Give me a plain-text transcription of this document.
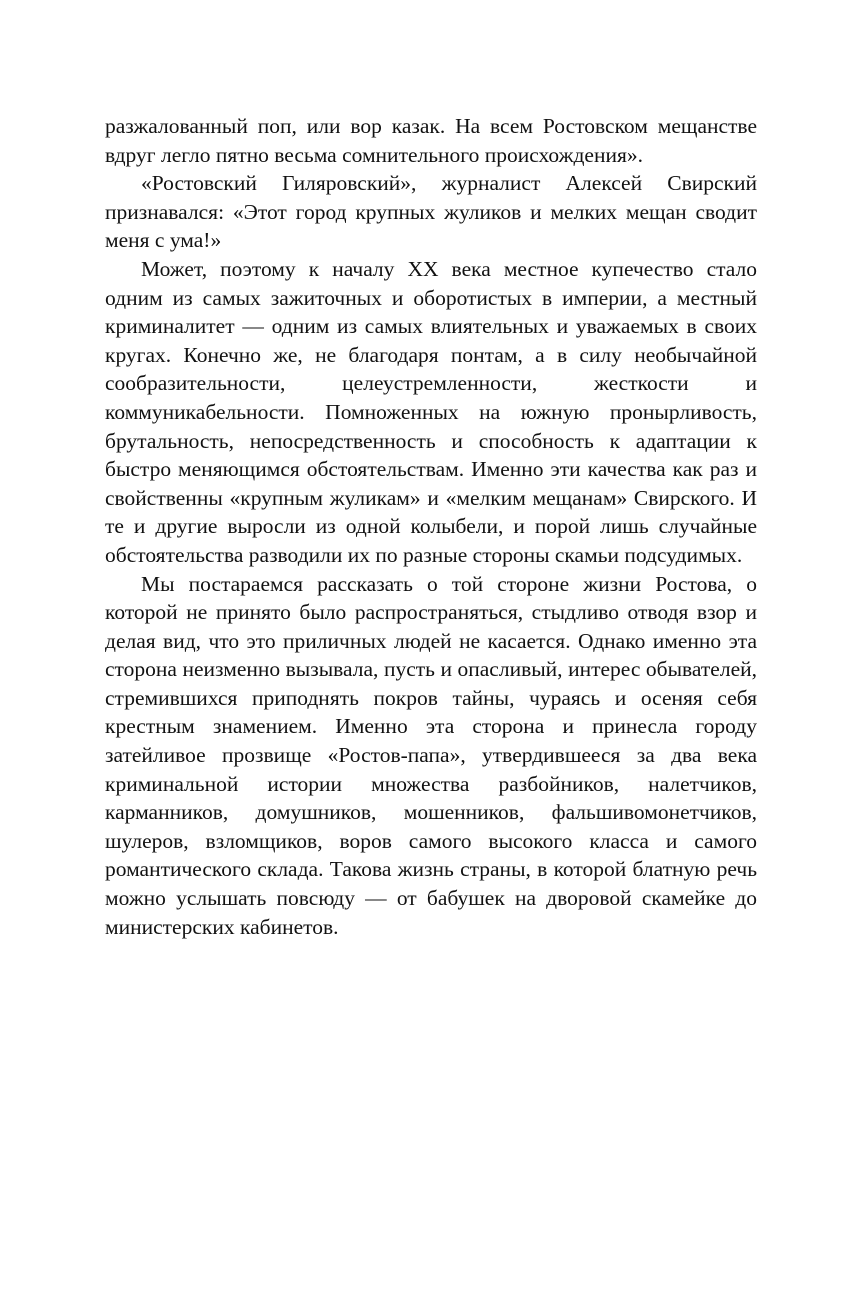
разжалованный поп, или вор казак. На всем Ростовском мещанстве вдруг легло пятно весьма сомнительного происхождения».

«Ростовский Гиляровский», журналист Алексей Свирский признавался: «Этот город крупных жуликов и мелких мещан сводит меня с ума!»

Может, поэтому к началу XX века местное купечество стало одним из самых зажиточных и оборотистых в империи, а местный криминалитет — одним из самых влиятельных и уважаемых в своих кругах. Конечно же, не благодаря понтам, а в силу необычайной сообразительности, целеустремленности, жесткости и коммуникабельности. Помноженных на южную пронырливость, брутальность, непосредственность и способность к адаптации к быстро меняющимся обстоятельствам. Именно эти качества как раз и свойственны «крупным жуликам» и «мелким мещанам» Свирского. И те и другие выросли из одной колыбели, и порой лишь случайные обстоятельства разводили их по разные стороны скамьи подсудимых.

Мы постараемся рассказать о той стороне жизни Ростова, о которой не принято было распространяться, стыдливо отводя взор и делая вид, что это приличных людей не касается. Однако именно эта сторона неизменно вызывала, пусть и опасливый, интерес обывателей, стремившихся приподнять покров тайны, чураясь и осеняя себя крестным знамением. Именно эта сторона и принесла городу затейливое прозвище «Ростов-папа», утвердившееся за два века криминальной истории множества разбойников, налетчиков, карманников, домушников, мошенников, фальшивомонетчиков, шулеров, взломщиков, воров самого высокого класса и самого романтического склада. Такова жизнь страны, в которой блатную речь можно услышать повсюду — от бабушек на дворовой скамейке до министерских кабинетов.
